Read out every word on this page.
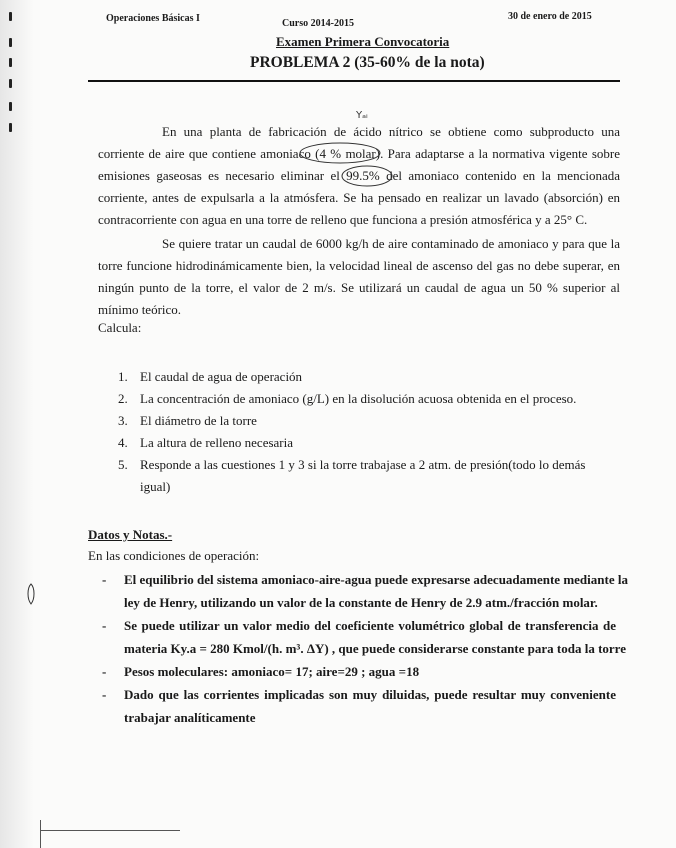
Operaciones Básicas I	Curso 2014-2015
30 de enero de 2015
Examen Primera Convocatoria
PROBLEMA 2 (35-60% de la nota)
Yₐᵢ
En una planta de fabricación de ácido nítrico se obtiene como subproducto una
corriente de aire que contiene amoniaco (4 % molar). Para adaptarse a la normativa vigente sobre
emisiones gaseosas es necesario eliminar el 99.5% del amoniaco contenido en la mencionada
corriente, antes de expulsarla a la atmósfera. Se ha pensado en realizar un lavado (absorción) en
contracorriente con agua en una torre de relleno que funciona a presión atmosférica y a 25° C.
Se quiere tratar un caudal de 6000 kg/h de aire contaminado de amoniaco y para que la
torre funcione hidrodinámicamente bien, la velocidad lineal de ascenso del gas no debe superar, en
ningún punto de la torre, el valor de 2 m/s. Se utilizará un caudal de agua un 50 % superior al
mínimo teórico.
Calcula:
1. El caudal de agua de operación
2. La concentración de amoniaco (g/L) en la disolución acuosa obtenida en el proceso.
3. El diámetro de la torre
4. La altura de relleno necesaria
5. Responde a las cuestiones 1 y 3 si la torre trabajase a 2 atm. de presión(todo lo demás
igual)
Datos y Notas.-
En las condiciones de operación:
- El equilibrio del sistema amoniaco-aire-agua puede expresarse adecuadamente mediante la
ley de Henry, utilizando un valor de la constante de Henry de 2.9 atm./fracción molar.
- Se puede utilizar un valor medio del coeficiente volumétrico global de transferencia de
materia Ky.a = 280 Kmol/(h. m³. ΔY) , que puede considerarse constante para toda la torre
- Pesos moleculares: amoniaco= 17; aire=29 ; agua =18
- Dado que las corrientes implicadas son muy diluidas, puede resultar muy conveniente
trabajar analíticamente
